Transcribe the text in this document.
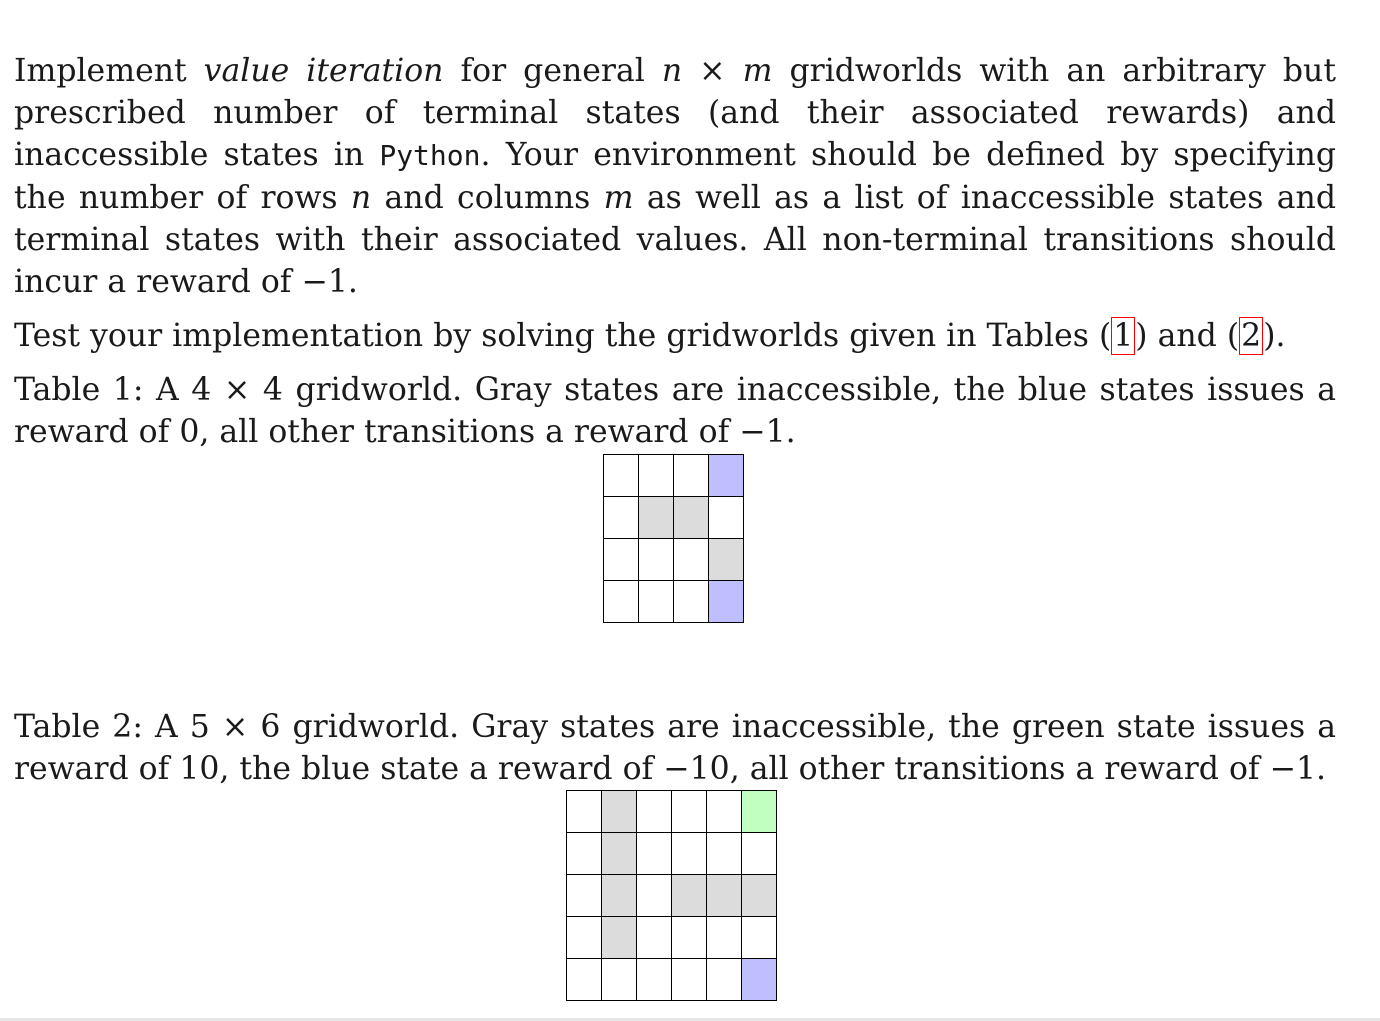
Implement value iteration for general n × m gridworlds with an arbitrary but prescribed number of terminal states (and their associated rewards) and inaccessible states in Python. Your environment should be defined by specifying the number of rows n and columns m as well as a list of inaccessible states and terminal states with their associated values. All non-terminal transitions should incur a reward of −1.

Test your implementation by solving the gridworlds given in Tables (1) and (2).

Table 1: A 4 × 4 gridworld. Gray states are inaccessible, the blue states issues a reward of 0, all other transitions a reward of −1.

Table 2: A 5 × 6 gridworld. Gray states are inaccessible, the green state issues a reward of 10, the blue state a reward of −10, all other transitions a reward of −1.
